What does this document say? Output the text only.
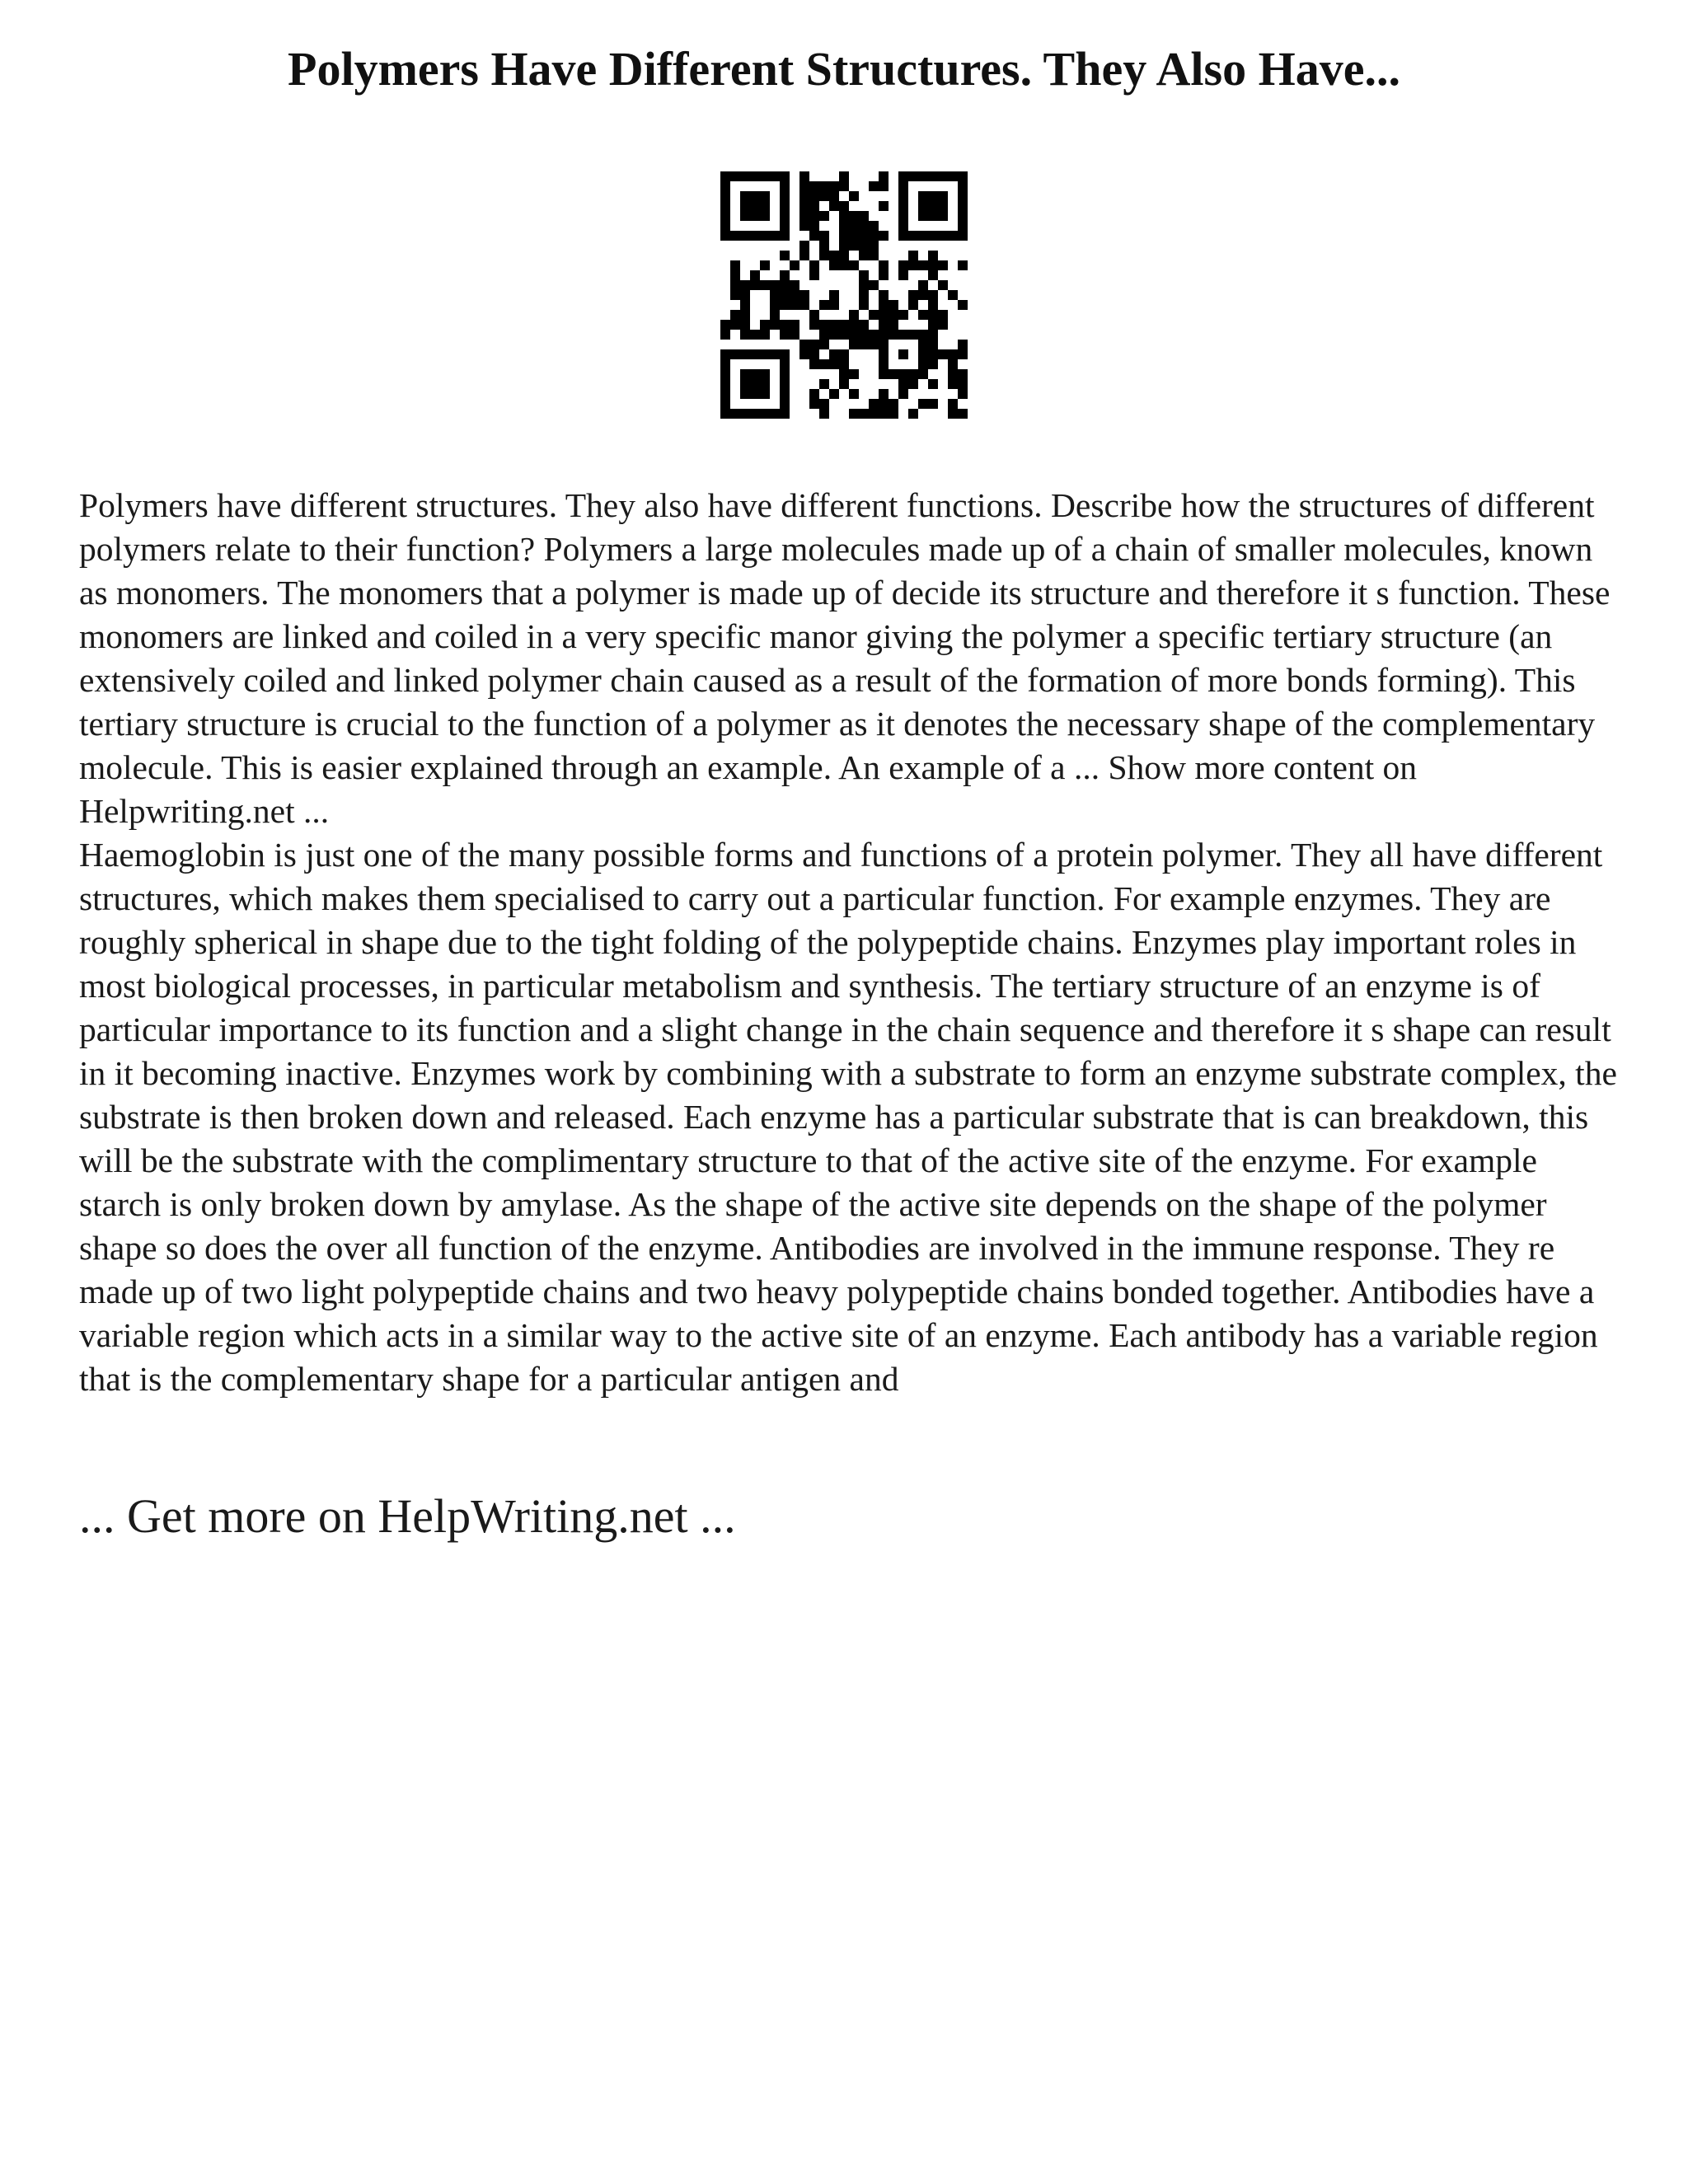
Polymers Have Different Structures. They Also Have...

Polymers have different structures. They also have different functions. Describe how the structures of different polymers relate to their function? Polymers a large molecules made up of a chain of smaller molecules, known as monomers. The monomers that a polymer is made up of decide its structure and therefore it s function. These monomers are linked and coiled in a very specific manor giving the polymer a specific tertiary structure (an extensively coiled and linked polymer chain caused as a result of the formation of more bonds forming). This tertiary structure is crucial to the function of a polymer as it denotes the necessary shape of the complementary molecule. This is easier explained through an example. An example of a ... Show more content on Helpwriting.net ...

Haemoglobin is just one of the many possible forms and functions of a protein polymer. They all have different structures, which makes them specialised to carry out a particular function. For example enzymes. They are roughly spherical in shape due to the tight folding of the polypeptide chains. Enzymes play important roles in most biological processes, in particular metabolism and synthesis. The tertiary structure of an enzyme is of particular importance to its function and a slight change in the chain sequence and therefore it s shape can result in it becoming inactive. Enzymes work by combining with a substrate to form an enzyme substrate complex, the substrate is then broken down and released. Each enzyme has a particular substrate that is can breakdown, this will be the substrate with the complimentary structure to that of the active site of the enzyme. For example starch is only broken down by amylase. As the shape of the active site depends on the shape of the polymer shape so does the over all function of the enzyme. Antibodies are involved in the immune response. They re made up of two light polypeptide chains and two heavy polypeptide chains bonded together. Antibodies have a variable region which acts in a similar way to the active site of an enzyme. Each antibody has a variable region that is the complementary shape for a particular antigen and

... Get more on HelpWriting.net ...
